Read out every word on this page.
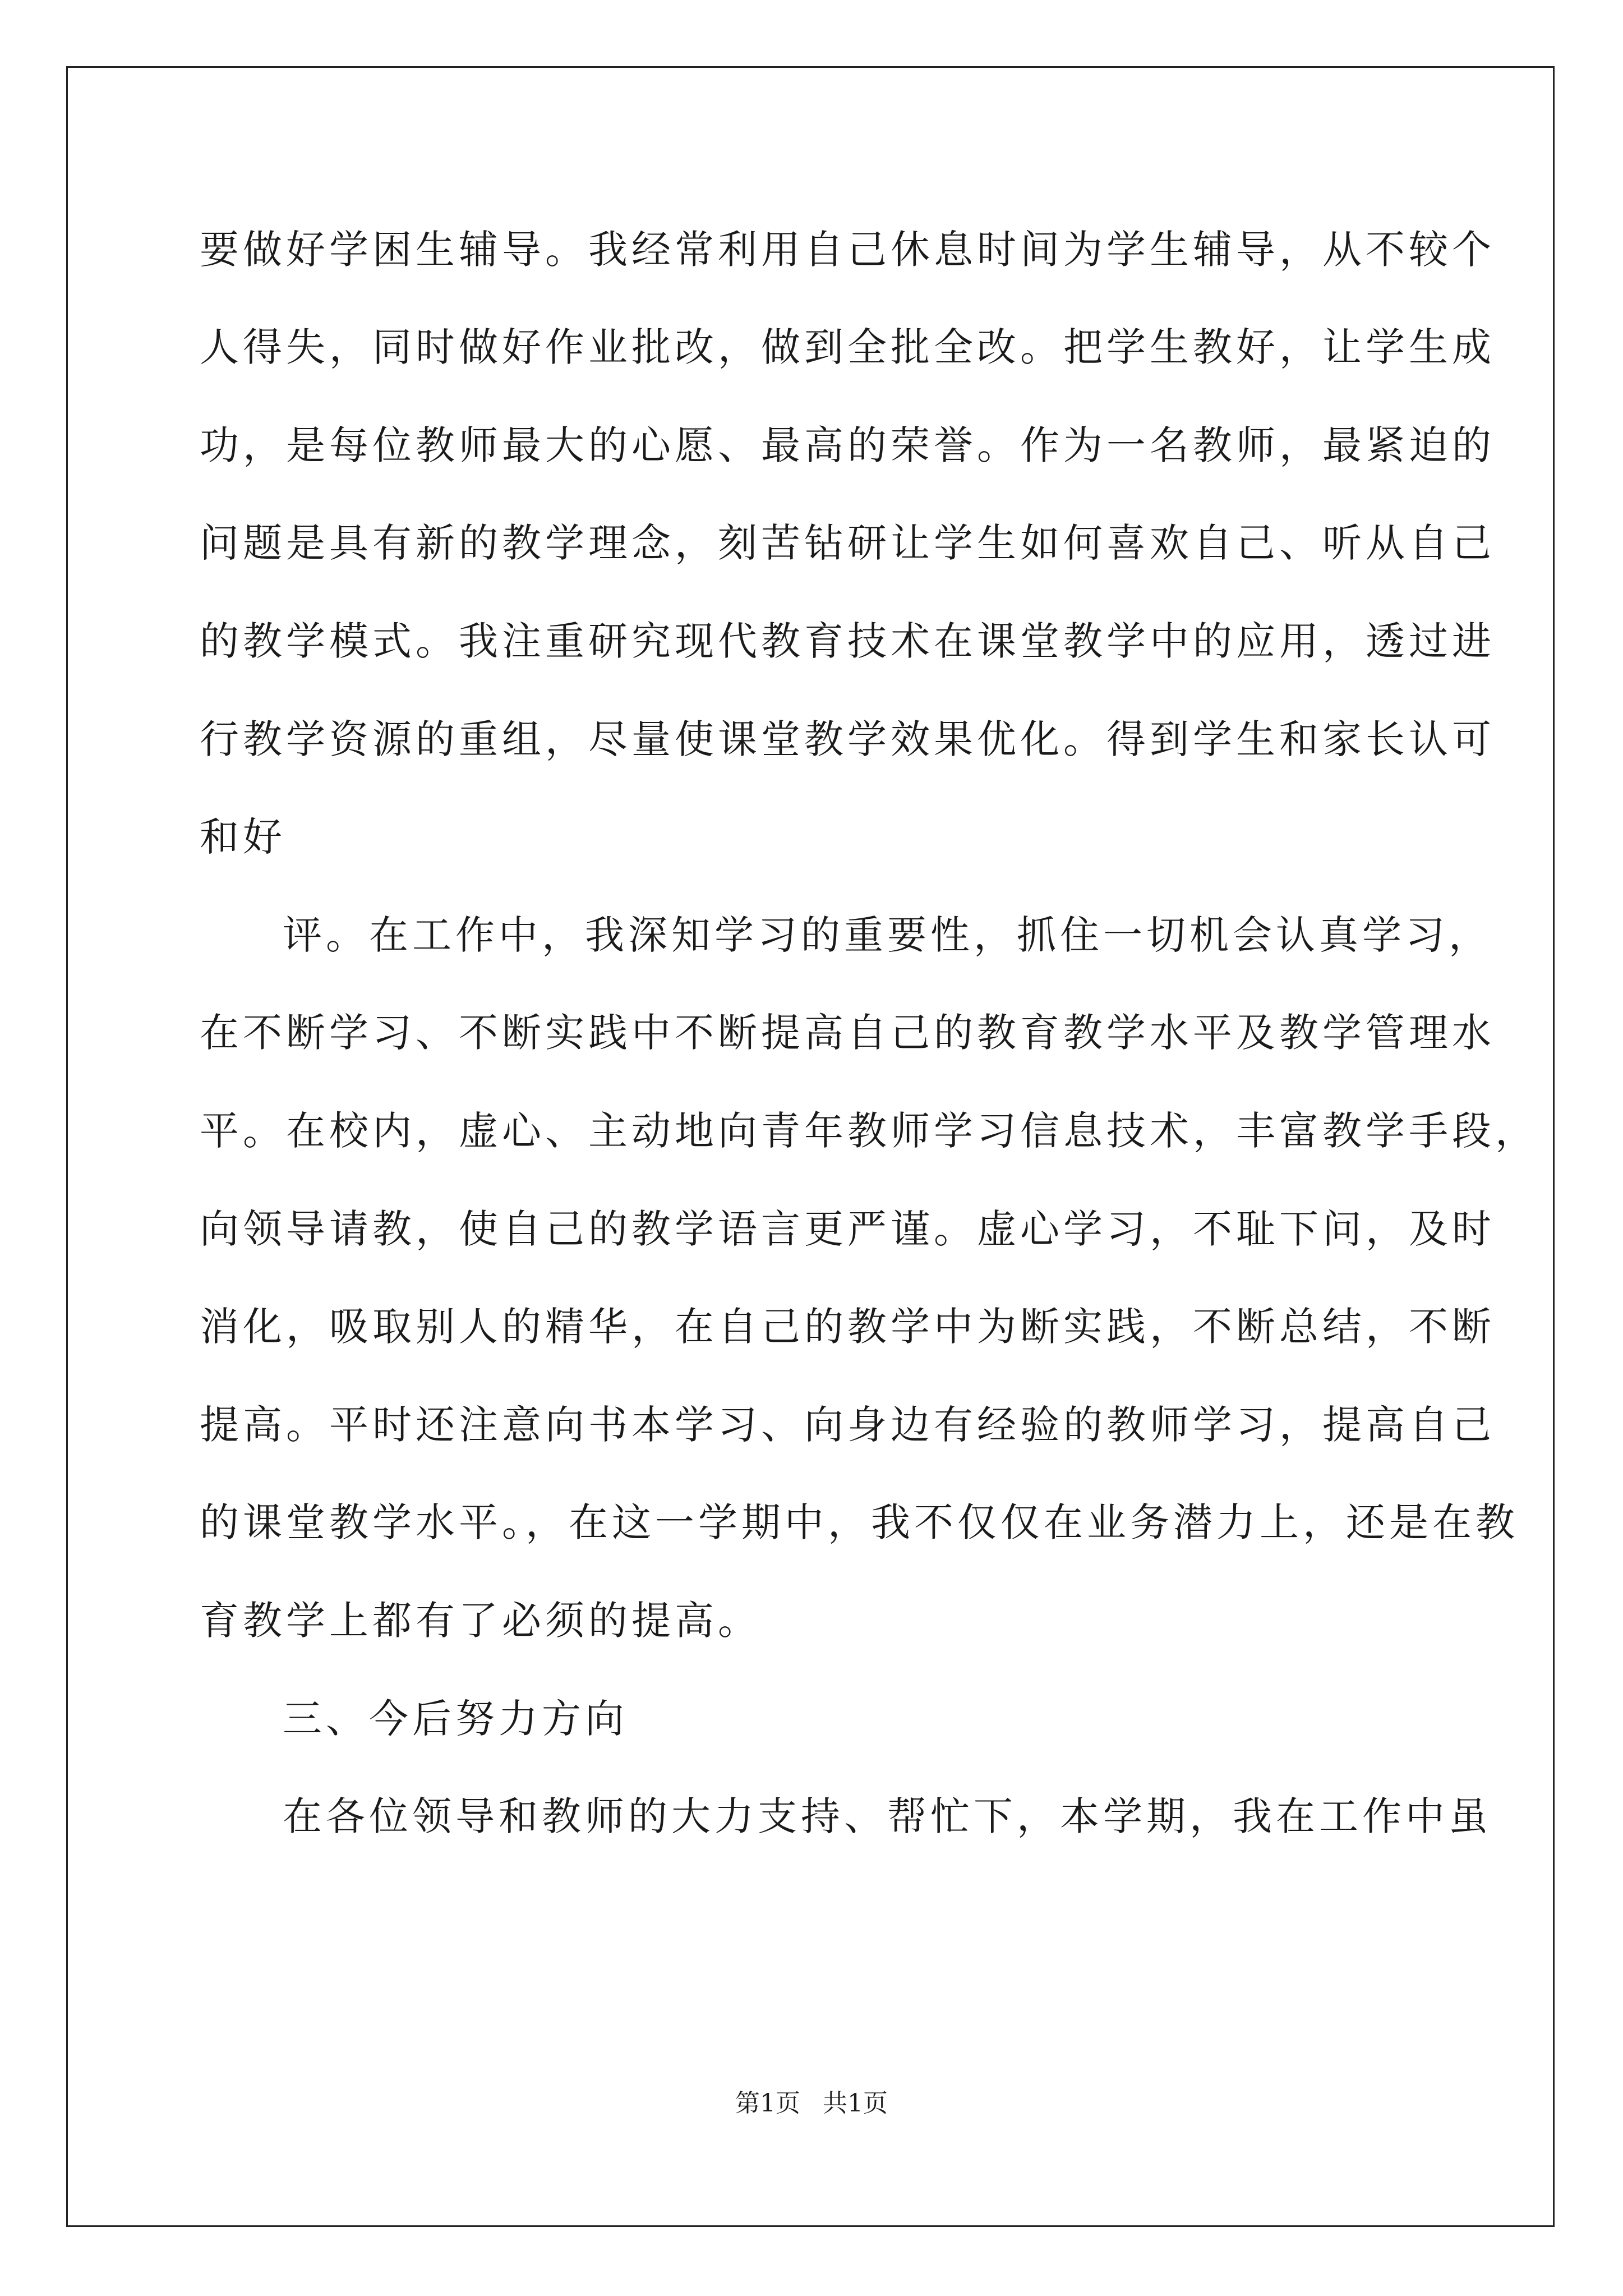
要做好学困生辅导。我经常利用自己休息时间为学生辅导，从不较个
人得失，同时做好作业批改，做到全批全改。把学生教好，让学生成
功，是每位教师最大的心愿、最高的荣誉。作为一名教师，最紧迫的
问题是具有新的教学理念，刻苦钻研让学生如何喜欢自己、听从自己
的教学模式。我注重研究现代教育技术在课堂教学中的应用，透过进
行教学资源的重组，尽量使课堂教学效果优化。得到学生和家长认可
和好
评。在工作中，我深知学习的重要性，抓住一切机会认真学习，
在不断学习、不断实践中不断提高自己的教育教学水平及教学管理水
平。在校内，虚心、主动地向青年教师学习信息技术，丰富教学手段，
向领导请教，使自己的教学语言更严谨。虚心学习，不耻下问，及时
消化，吸取别人的精华，在自己的教学中为断实践，不断总结，不断
提高。平时还注意向书本学习、向身边有经验的教师学习，提高自己
的课堂教学水平。，在这一学期中，我不仅仅在业务潜力上，还是在教
育教学上都有了必须的提高。
三、今后努力方向
在各位领导和教师的大力支持、帮忙下，本学期，我在工作中虽
第1页 共1页
